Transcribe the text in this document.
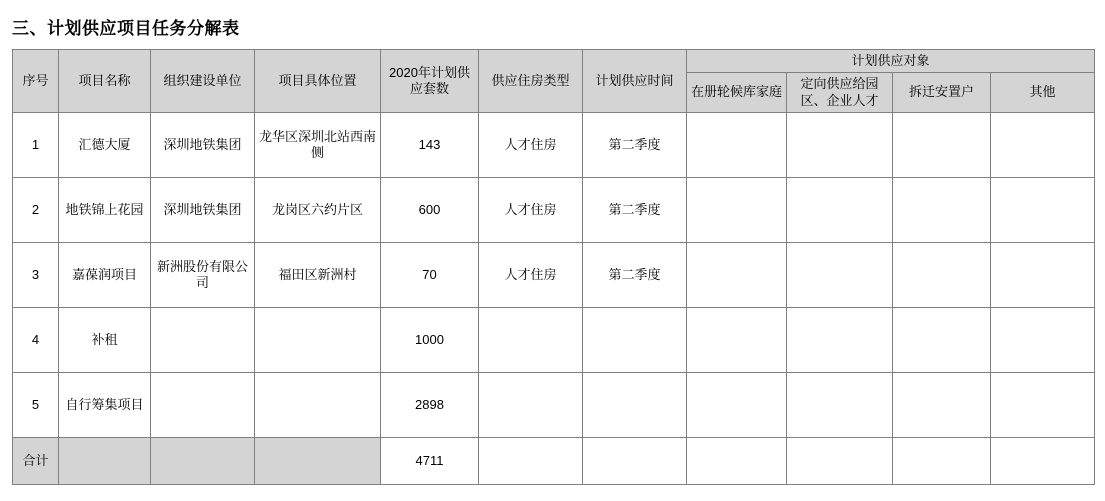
三、计划供应项目任务分解表
序号	项目名称	组织建设单位	项目具体位置	2020年计划供应套数	供应住房类型	计划供应时间	计划供应对象			
							在册轮候库家庭	定向供应给园区、企业人才	拆迁安置户	其他
1	汇德大厦	深圳地铁集团	龙华区深圳北站西南侧	143	人才住房	第二季度				
2	地铁锦上花园	深圳地铁集团	龙岗区六约片区	600	人才住房	第二季度				
3	嘉葆润项目	新洲股份有限公司	福田区新洲村	70	人才住房	第二季度				
4	补租			1000						
5	自行筹集项目			2898						
合计				4711						
